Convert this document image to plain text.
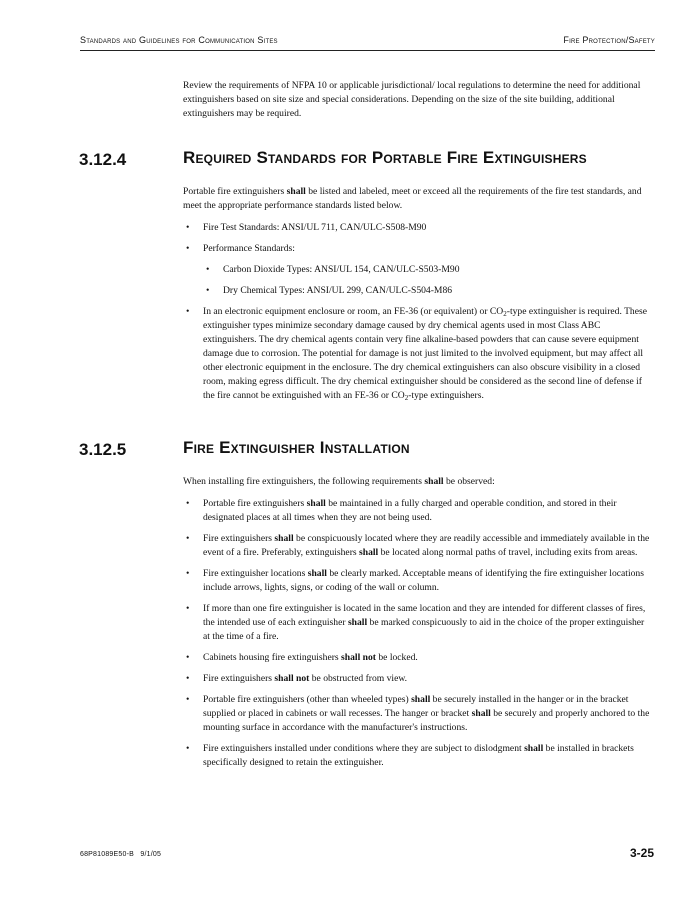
Standards and Guidelines for Communication Sites	Fire Protection/Safety

Review the requirements of NFPA 10 or applicable jurisdictional/ local regulations to determine the need for additional extinguishers based on site size and special considerations. Depending on the size of the site building, additional extinguishers may be required.

3.12.4	Required Standards for Portable Fire Extinguishers

Portable fire extinguishers shall be listed and labeled, meet or exceed all the requirements of the fire test standards, and meet the appropriate performance standards listed below.

• Fire Test Standards: ANSI/UL 711, CAN/ULC-S508-M90
• Performance Standards:
• Carbon Dioxide Types: ANSI/UL 154, CAN/ULC-S503-M90
• Dry Chemical Types: ANSI/UL 299, CAN/ULC-S504-M86
• In an electronic equipment enclosure or room, an FE-36 (or equivalent) or $CO_2$-type extinguisher is required. These extinguisher types minimize secondary damage caused by dry chemical agents used in most Class ABC extinguishers. The dry chemical agents contain very fine alkaline-based powders that can cause severe equipment damage due to corrosion. The potential for damage is not just limited to the involved equipment, but may affect all other electronic equipment in the enclosure. The dry chemical extinguishers can also obscure visibility in a closed room, making egress difficult. The dry chemical extinguisher should be considered as the second line of defense if the fire cannot be extinguished with an FE-36 or $CO_2$-type extinguishers.
3.12.5	Fire Extinguisher Installation

When installing fire extinguishers, the following requirements shall be observed:

• Portable fire extinguishers shall be maintained in a fully charged and operable condition, and stored in their designated places at all times when they are not being used.
• Fire extinguishers shall be conspicuously located where they are readily accessible and immediately available in the event of a fire. Preferably, extinguishers shall be located along normal paths of travel, including exits from areas.
• Fire extinguisher locations shall be clearly marked. Acceptable means of identifying the fire extinguisher locations include arrows, lights, signs, or coding of the wall or column.
• If more than one fire extinguisher is located in the same location and they are intended for different classes of fires, the intended use of each extinguisher shall be marked conspicuously to aid in the choice of the proper extinguisher at the time of a fire.
• Cabinets housing fire extinguishers shall not be locked.
• Fire extinguishers shall not be obstructed from view.
• Portable fire extinguishers (other than wheeled types) shall be securely installed in the hanger or in the bracket supplied or placed in cabinets or wall recesses. The hanger or bracket shall be securely and properly anchored to the mounting surface in accordance with the manufacturer's instructions.
• Fire extinguishers installed under conditions where they are subject to dislodgment shall be installed in brackets specifically designed to retain the extinguisher.
68P81089E50-B 9/1/05	3-25
